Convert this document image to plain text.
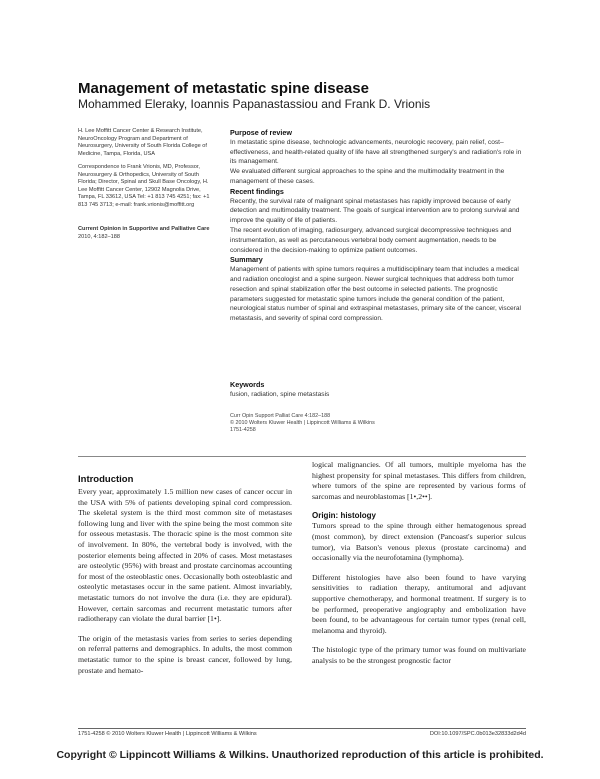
Management of metastatic spine disease
Mohammed Eleraky, Ioannis Papanastassiou and Frank D. Vrionis
H. Lee Moffitt Cancer Center & Research Institute, NeuroOncology Program and Department of Neurosurgery, University of South Florida College of Medicine, Tampa, Florida, USA
Correspondence to Frank Vrionis, MD, Professor, Neurosurgery & Orthopedics, University of South Florida; Director, Spinal and Skull Base Oncology, H. Lee Moffitt Cancer Center, 12902 Magnolia Drive, Tampa, FL 33612, USA Tel: +1 813 745 4251; fax: +1 813 745 3713; e-mail: frank.vrionis@moffitt.org
Current Opinion in Supportive and Palliative Care 2010, 4:182–188
Purpose of review

In metastatic spine disease, technologic advancements, neurologic recovery, pain relief, cost–effectiveness, and health-related quality of life have all strengthened surgery's and radiation's role in its management.

We evaluated different surgical approaches to the spine and the multimodality treatment in the management of these cases.

Recent findings

Recently, the survival rate of malignant spinal metastases has rapidly improved because of early detection and multimodality treatment. The goals of surgical intervention are to prolong survival and improve the quality of life of patients.

The recent evolution of imaging, radiosurgery, advanced surgical decompressive techniques and instrumentation, as well as percutaneous vertebral body cement augmentation, needs to be considered in the decision-making to optimize patient outcomes.

Summary

Management of patients with spine tumors requires a multidisciplinary team that includes a medical and radiation oncologist and a spine surgeon. Newer surgical techniques that address both tumor resection and spinal stabilization offer the best outcome in selected patients. The prognostic parameters suggested for metastatic spine tumors include the general condition of the patient, neurological status number of spinal and extraspinal metastases, primary site of the cancer, visceral metastasis, and severity of spinal cord compression.

Keywords

fusion, radiation, spine metastasis

Curr Opin Support Palliat Care 4:182–188
© 2010 Wolters Kluwer Health | Lippincott Williams & Wilkins
1751-4258
Introduction

Every year, approximately 1.5 million new cases of cancer occur in the USA with 5% of patients developing spinal cord compression. The skeletal system is the third most common site of metastases following lung and liver with the spine being the most common site for osseous metastasis. The thoracic spine is the most common site of involvement. In 80%, the vertebral body is involved, with the posterior elements being affected in 20% of cases. Most metastases are osteolytic (95%) with breast and prostate carcinomas accounting for most of the osteoblastic ones. Occasionally both osteoblastic and osteolytic metastases occur in the same patient. Almost invariably, metastatic tumors do not involve the dura (i.e. they are epidural). However, certain sarcomas and recurrent metastatic tumors after radiotherapy can violate the dural barrier [1•].

The origin of the metastasis varies from series to series depending on referral patterns and demographics. In adults, the most common metastatic tumor to the spine is breast cancer, followed by lung, prostate and hemato-

logical malignancies. Of all tumors, multiple myeloma has the highest propensity for spinal metastases. This differs from children, where tumors of the spine are represented by various forms of sarcomas and neuroblastomas [1•,2••].

Origin: histology

Tumors spread to the spine through either hematogenous spread (most common), by direct extension (Pancoast's superior sulcus tumor), via Batson's venous plexus (prostate carcinoma) and occasionally via the neurofotamina (lymphoma).

Different histologies have also been found to have varying sensitivities to radiation therapy, antitumoral and adjuvant supportive chemotherapy, and hormonal treatment. If surgery is to be performed, preoperative angiography and embolization have been found, to be advantageous for certain tumor types (renal cell, melanoma and thyroid).

The histologic type of the primary tumor was found on multivariate analysis to be the strongest prognostic factor

1751-4258 © 2010 Wolters Kluwer Health | Lippincott Williams & Wilkins	DOI:10.1097/SPC.0b013e32833d2d4d
Copyright © Lippincott Williams & Wilkins. Unauthorized reproduction of this article is prohibited.
